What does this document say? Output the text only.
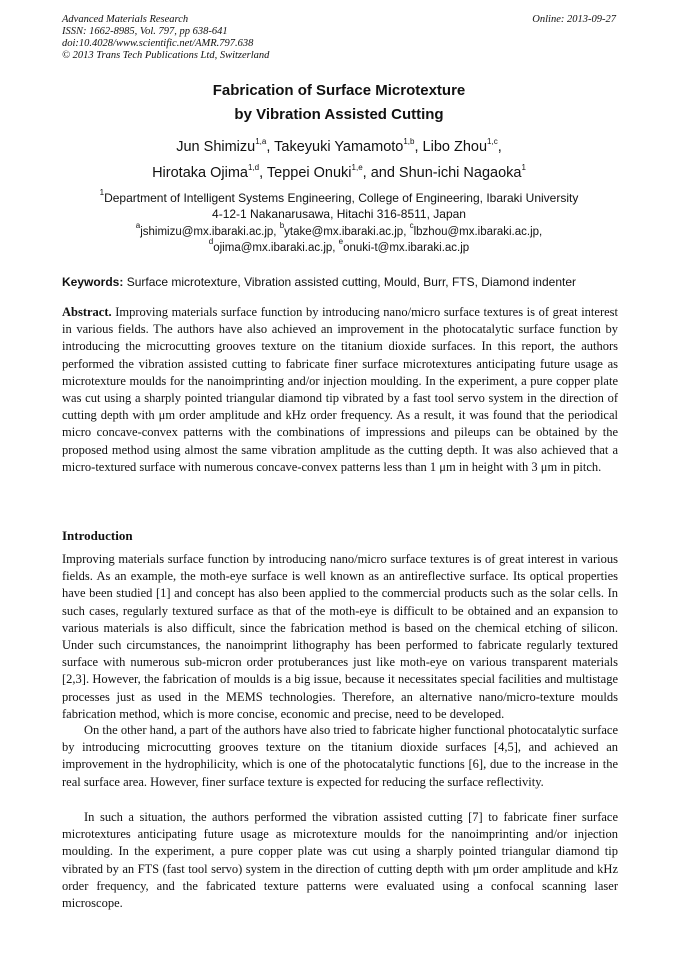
Advanced Materials Research
ISSN: 1662-8985, Vol. 797, pp 638-641
doi:10.4028/www.scientific.net/AMR.797.638
© 2013 Trans Tech Publications Ltd, Switzerland
Online: 2013-09-27
Fabrication of Surface Microtexture
by Vibration Assisted Cutting
Jun Shimizu$^{1,a}$, Takeyuki Yamamoto$^{1,b}$, Libo Zhou$^{1,c}$,
Hirotaka Ojima$^{1,d}$, Teppei Onuki$^{1,e}$, and Shun-ichi Nagaoka$^1$
$^1$Department of Intelligent Systems Engineering, College of Engineering, Ibaraki University
4-12-1 Nakanarusawa, Hitachi 316-8511, Japan
$^a$jshimizu@mx.ibaraki.ac.jp, $^b$ytake@mx.ibaraki.ac.jp, $^c$lbzhou@mx.ibaraki.ac.jp,
$^d$ojima@mx.ibaraki.ac.jp, $^e$onuki-t@mx.ibaraki.ac.jp
Keywords: Surface microtexture, Vibration assisted cutting, Mould, Burr, FTS, Diamond indenter

Abstract. Improving materials surface function by introducing nano/micro surface textures is of great interest in various fields. The authors have also achieved an improvement in the photocatalytic surface function by introducing the microcutting grooves texture on the titanium dioxide surfaces. In this report, the authors performed the vibration assisted cutting to fabricate finer surface microtextures anticipating future usage as microtexture moulds for the nanoimprinting and/or injection moulding. In the experiment, a pure copper plate was cut using a sharply pointed triangular diamond tip vibrated by a fast tool servo system in the direction of cutting depth with μm order amplitude and kHz order frequency. As a result, it was found that the periodical micro concave-convex patterns with the combinations of impressions and pileups can be obtained by the proposed method using almost the same vibration amplitude as the cutting depth. It was also achieved that a micro-textured surface with numerous concave-convex patterns less than 1 μm in height with 3 μm in pitch.

Introduction

Improving materials surface function by introducing nano/micro surface textures is of great interest in various fields. As an example, the moth-eye surface is well known as an antireflective surface. Its optical properties have been studied [1] and concept has also been applied to the commercial products such as the solar cells. In such cases, regularly textured surface as that of the moth-eye is difficult to be obtained and an expansion to various materials is also difficult, since the fabrication method is based on the chemical etching of silicon. Under such circumstances, the nanoimprint lithography has been performed to fabricate regularly textured surface with numerous sub-micron order protuberances just like moth-eye on various transparent materials [2,3]. However, the fabrication of moulds is a big issue, because it necessitates special facilities and multistage processes just as used in the MEMS technologies. Therefore, an alternative nano/micro-texture moulds fabrication method, which is more concise, economic and precise, need to be developed.

On the other hand, a part of the authors have also tried to fabricate higher functional photocatalytic surface by introducing microcutting grooves texture on the titanium dioxide surfaces [4,5], and achieved an improvement in the hydrophilicity, which is one of the photocatalytic functions [6], due to the increase in the real surface area. However, finer surface texture is expected for reducing the surface reflectivity.

In such a situation, the authors performed the vibration assisted cutting [7] to fabricate finer surface microtextures anticipating future usage as microtexture moulds for the nanoimprinting and/or injection moulding. In the experiment, a pure copper plate was cut using a sharply pointed triangular diamond tip vibrated by an FTS (fast tool servo) system in the direction of cutting depth with μm order amplitude and kHz order frequency, and the fabricated texture patterns were evaluated using a confocal scanning laser microscope.
